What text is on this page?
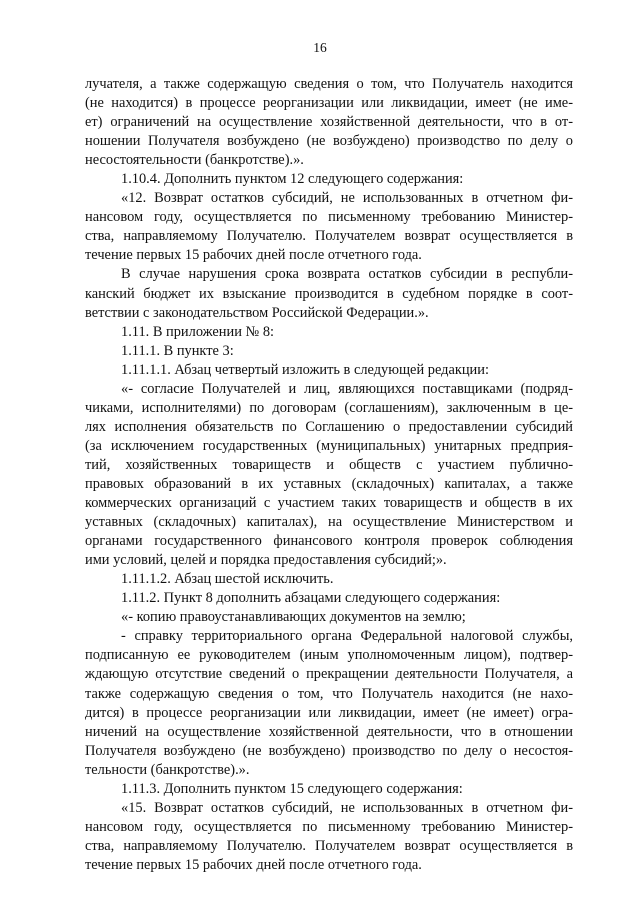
16
лучателя, а также содержащую сведения о том, что Получатель находится
(не находится) в процессе реорганизации или ликвидации, имеет (не име-
ет) ограничений на осуществление хозяйственной деятельности, что в от-
ношении Получателя возбуждено (не возбуждено) производство по делу о
несостоятельности (банкротстве).».
1.10.4. Дополнить пунктом 12 следующего содержания:
«12. Возврат остатков субсидий, не использованных в отчетном фи-
нансовом году, осуществляется по письменному требованию Министер-
ства, направляемому Получателю. Получателем возврат осуществляется в
течение первых 15 рабочих дней после отчетного года.
В случае нарушения срока возврата остатков субсидии в республи-
канский бюджет их взыскание производится в судебном порядке в соот-
ветствии с законодательством Российской Федерации.».
1.11. В приложении № 8:
1.11.1. В пункте 3:
1.11.1.1. Абзац четвертый изложить в следующей редакции:
«- согласие Получателей и лиц, являющихся поставщиками (подряд-
чиками, исполнителями) по договорам (соглашениям), заключенным в це-
лях исполнения обязательств по Соглашению о предоставлении субсидий
(за исключением государственных (муниципальных) унитарных предприя-
тий, хозяйственных товариществ и обществ с участием публично-
правовых образований в их уставных (складочных) капиталах, а также
коммерческих организаций с участием таких товариществ и обществ в их
уставных (складочных) капиталах), на осуществление Министерством и
органами государственного финансового контроля проверок соблюдения
ими условий, целей и порядка предоставления субсидий;».
1.11.1.2. Абзац шестой исключить.
1.11.2. Пункт 8 дополнить абзацами следующего содержания:
«- копию правоустанавливающих документов на землю;
- справку территориального органа Федеральной налоговой службы,
подписанную ее руководителем (иным уполномоченным лицом), подтвер-
ждающую отсутствие сведений о прекращении деятельности Получателя, а
также содержащую сведения о том, что Получатель находится (не нахо-
дится) в процессе реорганизации или ликвидации, имеет (не имеет) огра-
ничений на осуществление хозяйственной деятельности, что в отношении
Получателя возбуждено (не возбуждено) производство по делу о несостоя-
тельности (банкротстве).».
1.11.3. Дополнить пунктом 15 следующего содержания:
«15. Возврат остатков субсидий, не использованных в отчетном фи-
нансовом году, осуществляется по письменному требованию Министер-
ства, направляемому Получателю. Получателем возврат осуществляется в
течение первых 15 рабочих дней после отчетного года.
